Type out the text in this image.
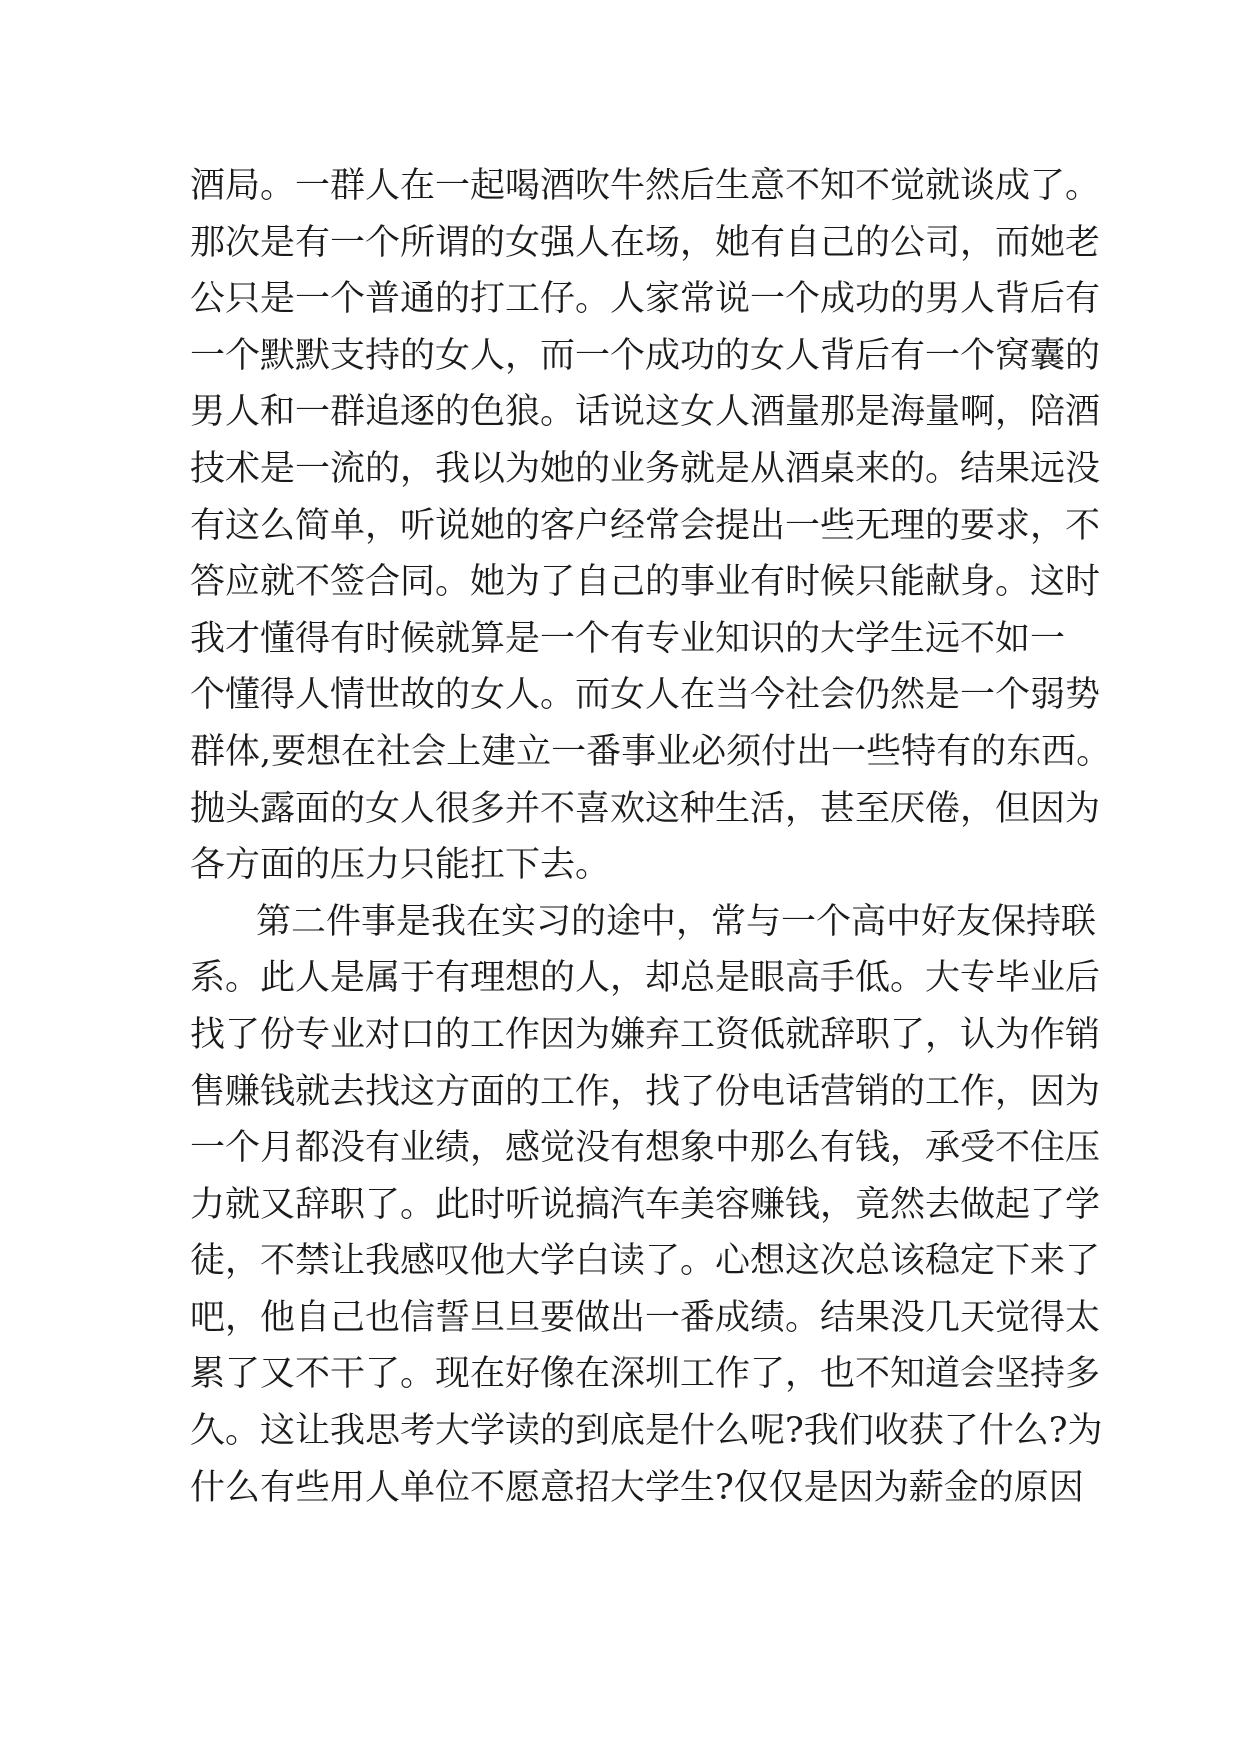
酒局。一群人在一起喝酒吹牛然后生意不知不觉就谈成了。
那次是有一个所谓的女强人在场，她有自己的公司，而她老
公只是一个普通的打工仔。人家常说一个成功的男人背后有
一个默默支持的女人，而一个成功的女人背后有一个窝囊的
男人和一群追逐的色狼。话说这女人酒量那是海量啊，陪酒
技术是一流的，我以为她的业务就是从酒桌来的。结果远没
有这么简单，听说她的客户经常会提出一些无理的要求，不
答应就不签合同。她为了自己的事业有时候只能献身。这时
我才懂得有时候就算是一个有专业知识的大学生远不如一
个懂得人情世故的女人。而女人在当今社会仍然是一个弱势
群体,要想在社会上建立一番事业必须付出一些特有的东西。
抛头露面的女人很多并不喜欢这种生活，甚至厌倦，但因为
各方面的压力只能扛下去。
第二件事是我在实习的途中，常与一个高中好友保持联
系。此人是属于有理想的人，却总是眼高手低。大专毕业后
找了份专业对口的工作因为嫌弃工资低就辞职了，认为作销
售赚钱就去找这方面的工作，找了份电话营销的工作，因为
一个月都没有业绩，感觉没有想象中那么有钱，承受不住压
力就又辞职了。此时听说搞汽车美容赚钱，竟然去做起了学
徒，不禁让我感叹他大学白读了。心想这次总该稳定下来了
吧，他自己也信誓旦旦要做出一番成绩。结果没几天觉得太
累了又不干了。现在好像在深圳工作了，也不知道会坚持多
久。这让我思考大学读的到底是什么呢?我们收获了什么?为
什么有些用人单位不愿意招大学生?仅仅是因为薪金的原因
